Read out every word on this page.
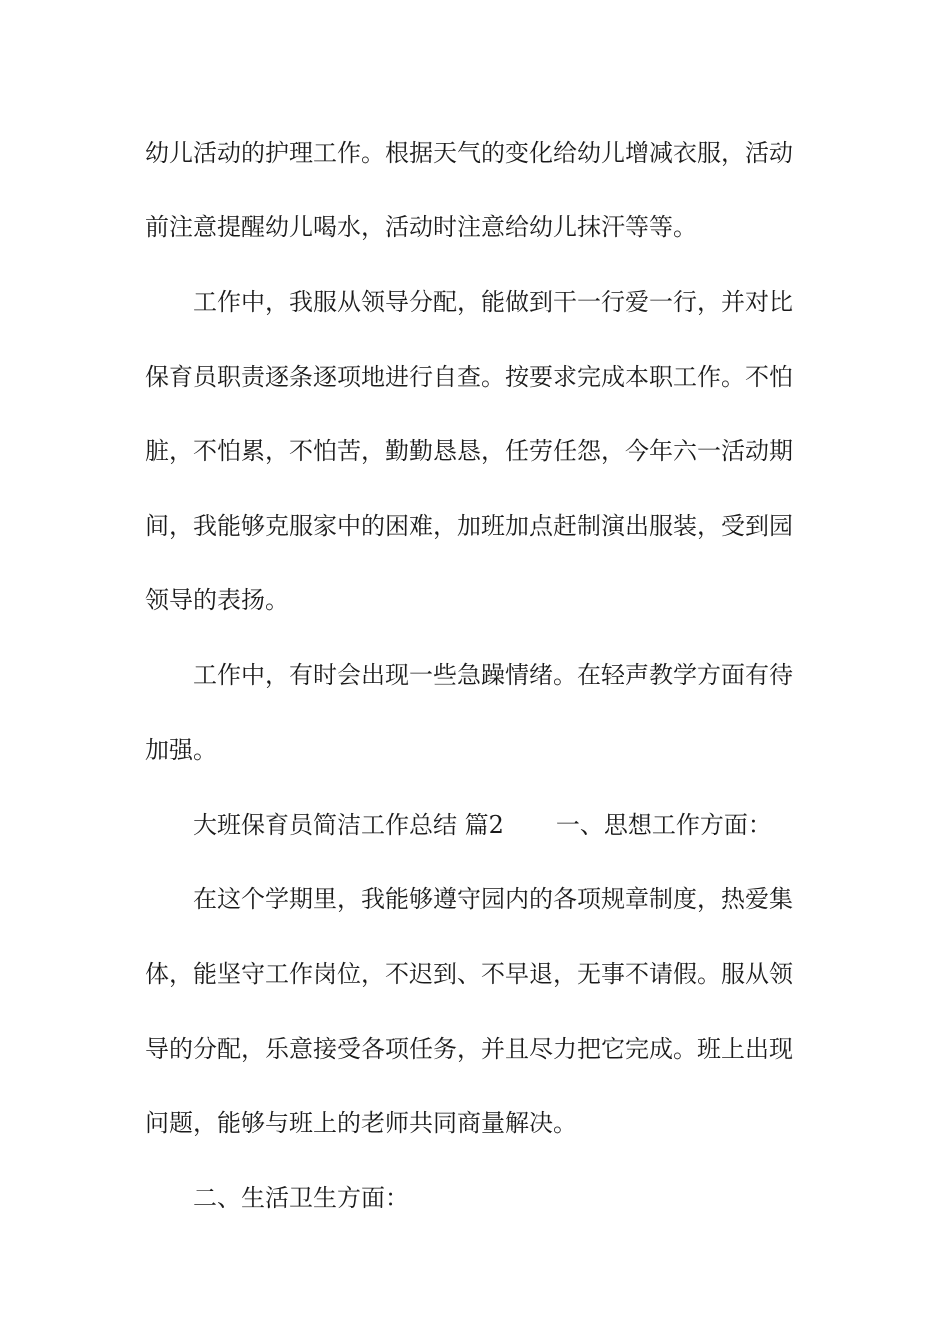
幼儿活动的护理工作。根据天气的变化给幼儿增减衣服，活动

前注意提醒幼儿喝水，活动时注意给幼儿抹汗等等。

工作中，我服从领导分配，能做到干一行爱一行，并对比

保育员职责逐条逐项地进行自查。按要求完成本职工作。不怕

脏，不怕累，不怕苦，勤勤恳恳，任劳任怨，今年六一活动期

间，我能够克服家中的困难，加班加点赶制演出服装，受到园

领导的表扬。

工作中，有时会出现一些急躁情绪。在轻声教学方面有待

加强。

大班保育员简洁工作总结 篇2 一、思想工作方面：

在这个学期里，我能够遵守园内的各项规章制度，热爱集

体，能坚守工作岗位，不迟到、不早退，无事不请假。服从领

导的分配，乐意接受各项任务，并且尽力把它完成。班上出现

问题，能够与班上的老师共同商量解决。

二、生活卫生方面：
